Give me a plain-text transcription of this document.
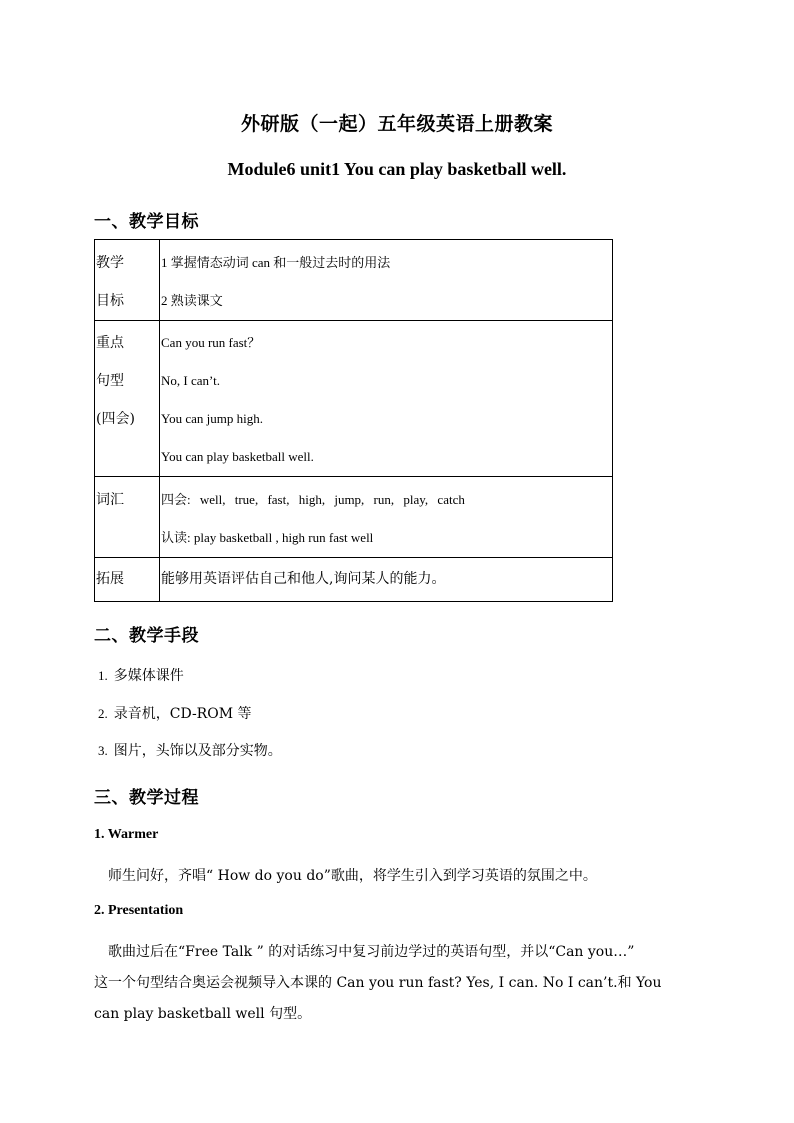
外研版（一起）五年级英语上册教案
Module6 unit1 You can play basketball well.
一、教学目标
教学
目标	1 掌握情态动词 can 和一般过去时的用法
2 熟读课文

重点
句型
(四会)	Can you run fast？
No, I can’t.
You can jump high.
You can play basketball well.

词汇	四会: well, true, fast, high, jump, run, play, catch
认读: play basketball , high run fast well

拓展	能够用英语评估自己和他人,询问某人的能力。
二、教学手段
1. 多媒体课件
2. 录音机，CD-ROM 等
3. 图片，头饰以及部分实物。
三、教学过程
1. Warmer
师生问好，齐唱“ How do you do”歌曲，将学生引入到学习英语的氛围之中。
2. Presentation
歌曲过后在“Free Talk ” 的对话练习中复习前边学过的英语句型，并以“Can you…”
这一个句型结合奥运会视频导入本课的 Can you run fast? Yes, I can. No I can’t.和 You
can play basketball well 句型。
